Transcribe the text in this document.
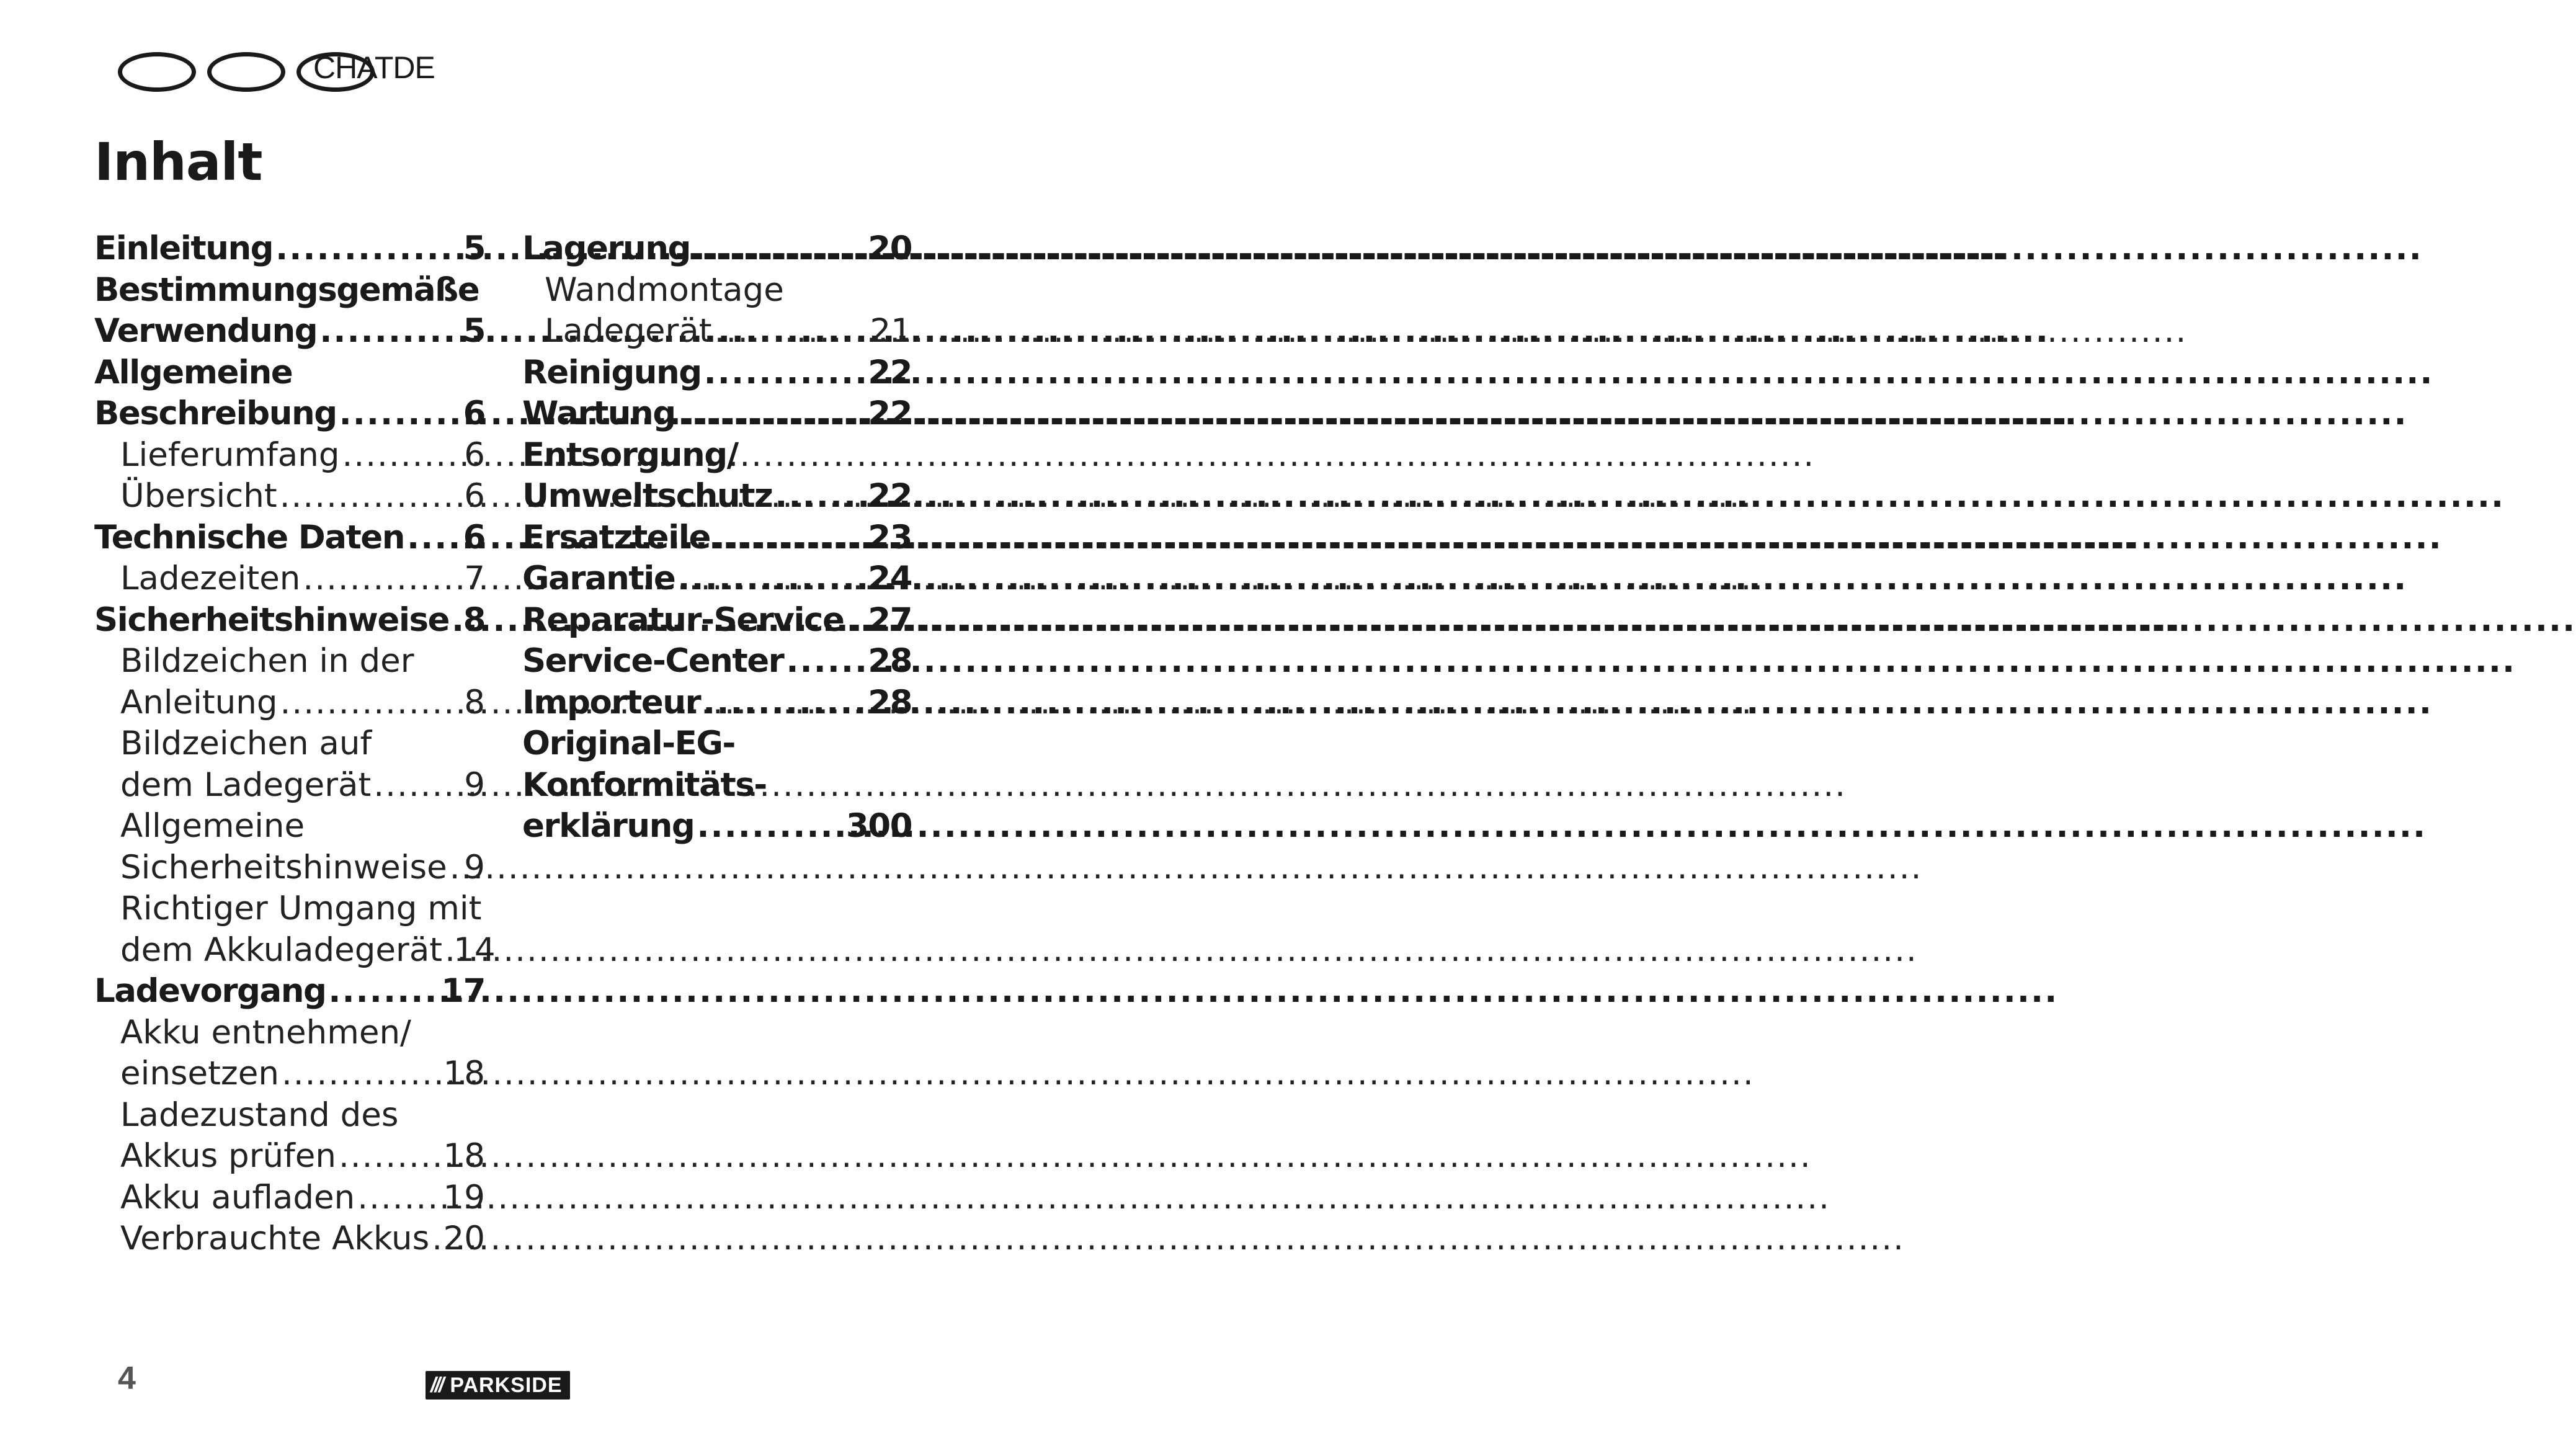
CHATDE
Inhalt
Einleitung .....	5
Bestimmungsgemäße
Verwendung .....	5
Allgemeine
Beschreibung .....	6
Lieferumfang .....	6
Übersicht .....	6
Technische Daten ..... 6
Ladezeiten .....	7
Sicherheitshinweise ..... 8
Bildzeichen in der
Anleitung .....	8
Bildzeichen auf
dem Ladegerät .....	9
Allgemeine
Sicherheitshinweise ..... 9
Richtiger Umgang mit
dem Akkuladegerät ..... 14
Ladevorgang .....	17
Akku entnehmen/
einsetzen .....	18
Ladezustand des
Akkus prüfen .....	18
Akku aufladen .....	19
Verbrauchte Akkus ..... 20
Lagerung .....	20
Wandmontage
Ladegerät .....	21
Reinigung .....	22
Wartung .....	22
Entsorgung/
Umweltschutz .....	22
Ersatzteile .....	23
Garantie .....	24
Reparatur-Service ..... 27
Service-Center .....	28
Importeur .....	28
Original-EG-
Konformitäts-
erklärung .....	300
4	/// PARKSIDE
